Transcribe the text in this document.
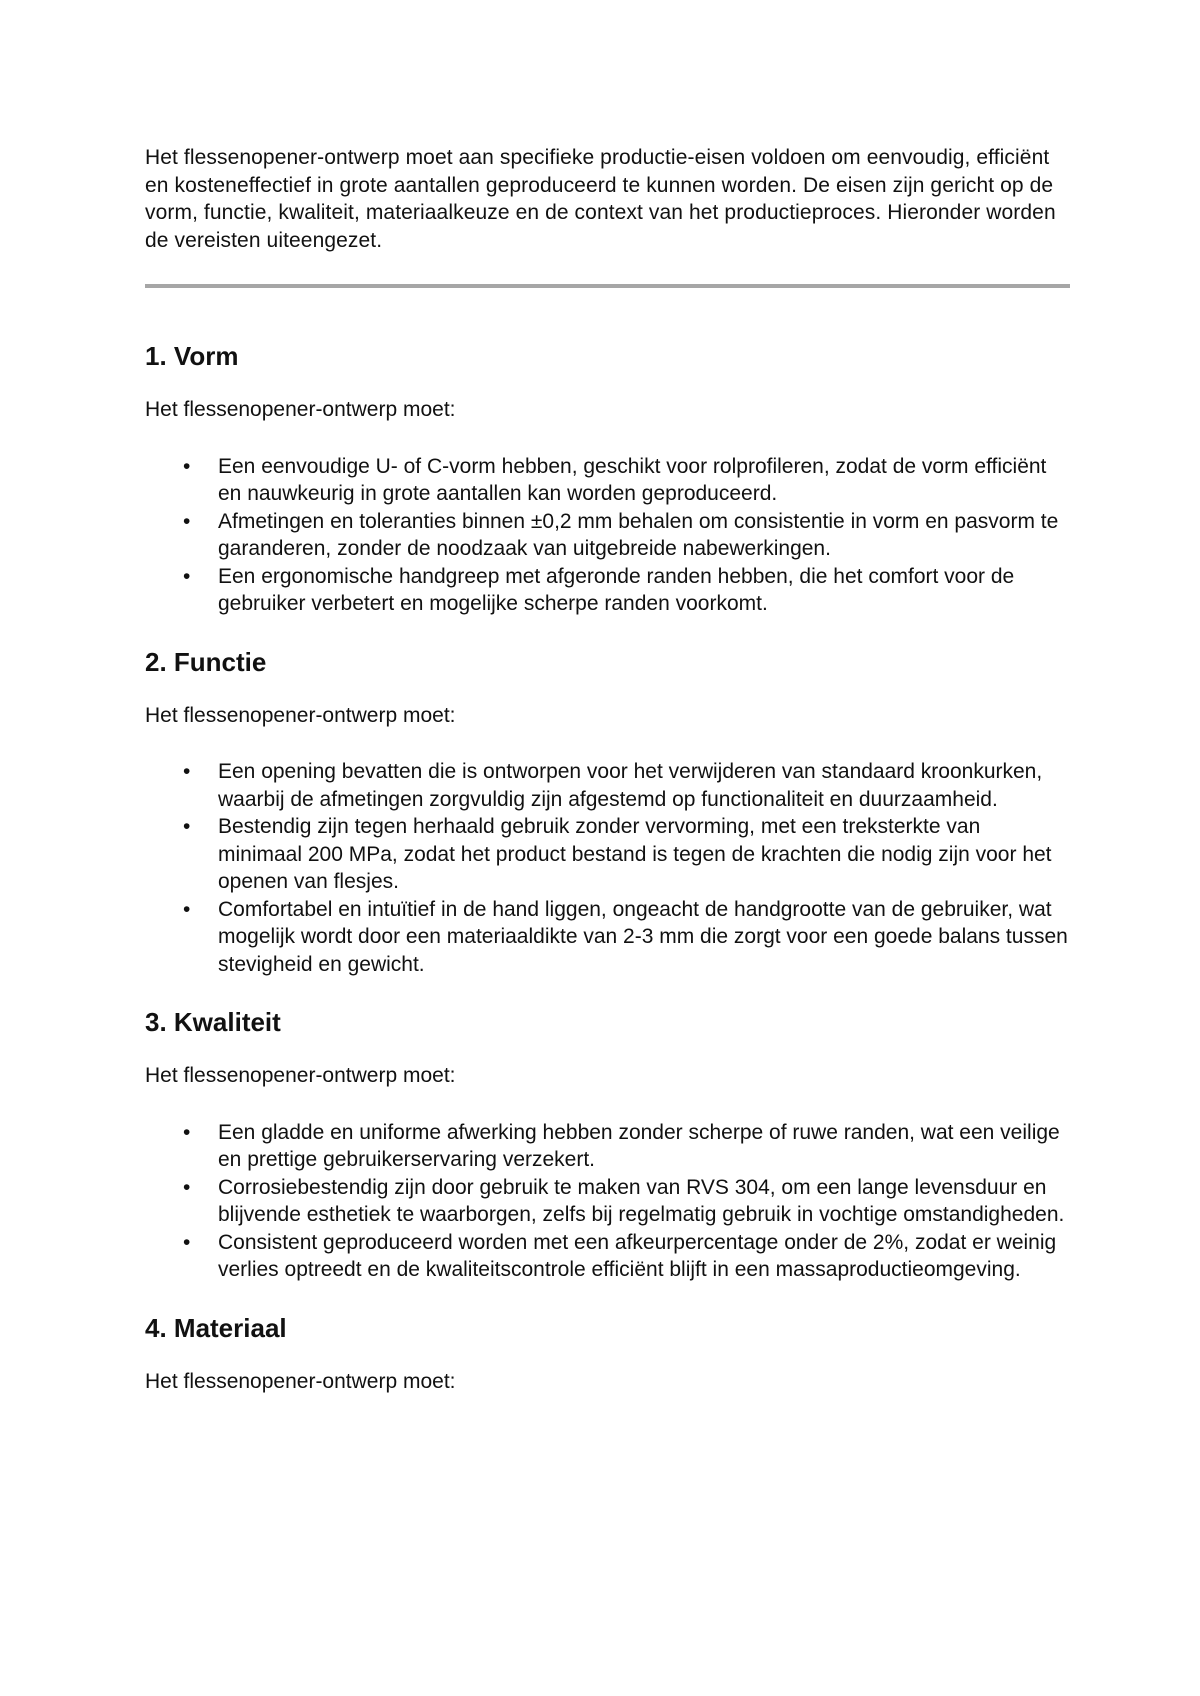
Het flessenopener-ontwerp moet aan specifieke productie-eisen voldoen om eenvoudig, efficiënt en kosteneffectief in grote aantallen geproduceerd te kunnen worden. De eisen zijn gericht op de vorm, functie, kwaliteit, materiaalkeuze en de context van het productieproces. Hieronder worden de vereisten uiteengezet.

1. Vorm

Het flessenopener-ontwerp moet:

• Een eenvoudige U- of C-vorm hebben, geschikt voor rolprofileren, zodat de vorm efficiënt en nauwkeurig in grote aantallen kan worden geproduceerd.
• Afmetingen en toleranties binnen ±0,2 mm behalen om consistentie in vorm en pasvorm te garanderen, zonder de noodzaak van uitgebreide nabewerkingen.
• Een ergonomische handgreep met afgeronde randen hebben, die het comfort voor de gebruiker verbetert en mogelijke scherpe randen voorkomt.
2. Functie

Het flessenopener-ontwerp moet:

• Een opening bevatten die is ontworpen voor het verwijderen van standaard kroonkurken, waarbij de afmetingen zorgvuldig zijn afgestemd op functionaliteit en duurzaamheid.
• Bestendig zijn tegen herhaald gebruik zonder vervorming, met een treksterkte van minimaal 200 MPa, zodat het product bestand is tegen de krachten die nodig zijn voor het openen van flesjes.
• Comfortabel en intuïtief in de hand liggen, ongeacht de handgrootte van de gebruiker, wat mogelijk wordt door een materiaaldikte van 2-3 mm die zorgt voor een goede balans tussen stevigheid en gewicht.
3. Kwaliteit

Het flessenopener-ontwerp moet:

• Een gladde en uniforme afwerking hebben zonder scherpe of ruwe randen, wat een veilige en prettige gebruikerservaring verzekert.
• Corrosiebestendig zijn door gebruik te maken van RVS 304, om een lange levensduur en blijvende esthetiek te waarborgen, zelfs bij regelmatig gebruik in vochtige omstandigheden.
• Consistent geproduceerd worden met een afkeurpercentage onder de 2%, zodat er weinig verlies optreedt en de kwaliteitscontrole efficiënt blijft in een massaproductieomgeving.
4. Materiaal

Het flessenopener-ontwerp moet:
